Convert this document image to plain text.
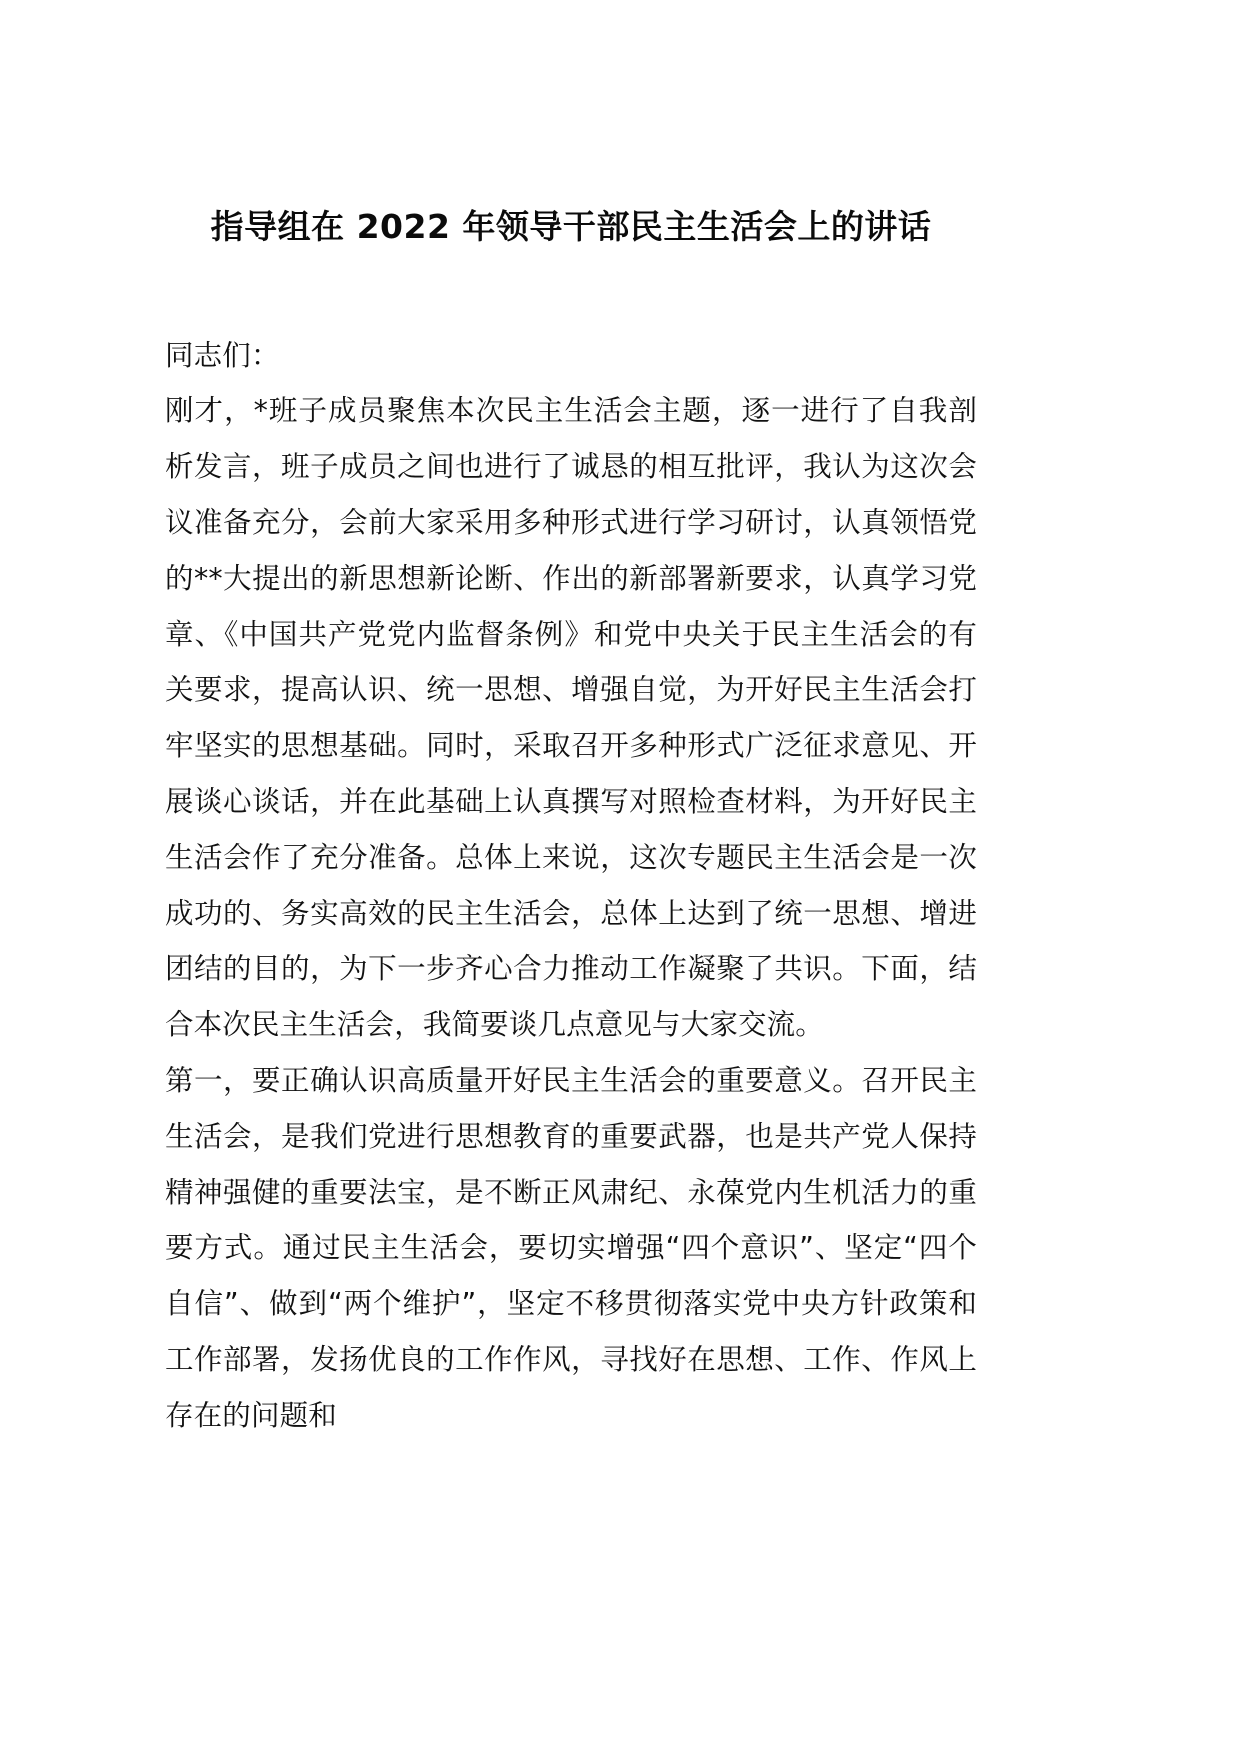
指导组在 2022 年领导干部民主生活会上的讲话

同志们：

刚才，*班子成员聚焦本次民主生活会主题，逐一进行了自我剖析发言，班子成员之间也进行了诚恳的相互批评，我认为这次会议准备充分，会前大家采用多种形式进行学习研讨，认真领悟党的**大提出的新思想新论断、作出的新部署新要求，认真学习党章、《中国共产党党内监督条例》和党中央关于民主生活会的有关要求，提高认识、统一思想、增强自觉，为开好民主生活会打牢坚实的思想基础。同时，采取召开多种形式广泛征求意见、开展谈心谈话，并在此基础上认真撰写对照检查材料，为开好民主生活会作了充分准备。总体上来说，这次专题民主生活会是一次成功的、务实高效的民主生活会，总体上达到了统一思想、增进团结的目的，为下一步齐心合力推动工作凝聚了共识。下面，结合本次民主生活会，我简要谈几点意见与大家交流。

第一，要正确认识高质量开好民主生活会的重要意义。召开民主生活会，是我们党进行思想教育的重要武器，也是共产党人保持精神强健的重要法宝，是不断正风肃纪、永葆党内生机活力的重要方式。通过民主生活会，要切实增强“四个意识”、坚定“四个自信”、做到“两个维护”，坚定不移贯彻落实党中央方针政策和工作部署，发扬优良的工作作风，寻找好在思想、工作、作风上存在的问题和
